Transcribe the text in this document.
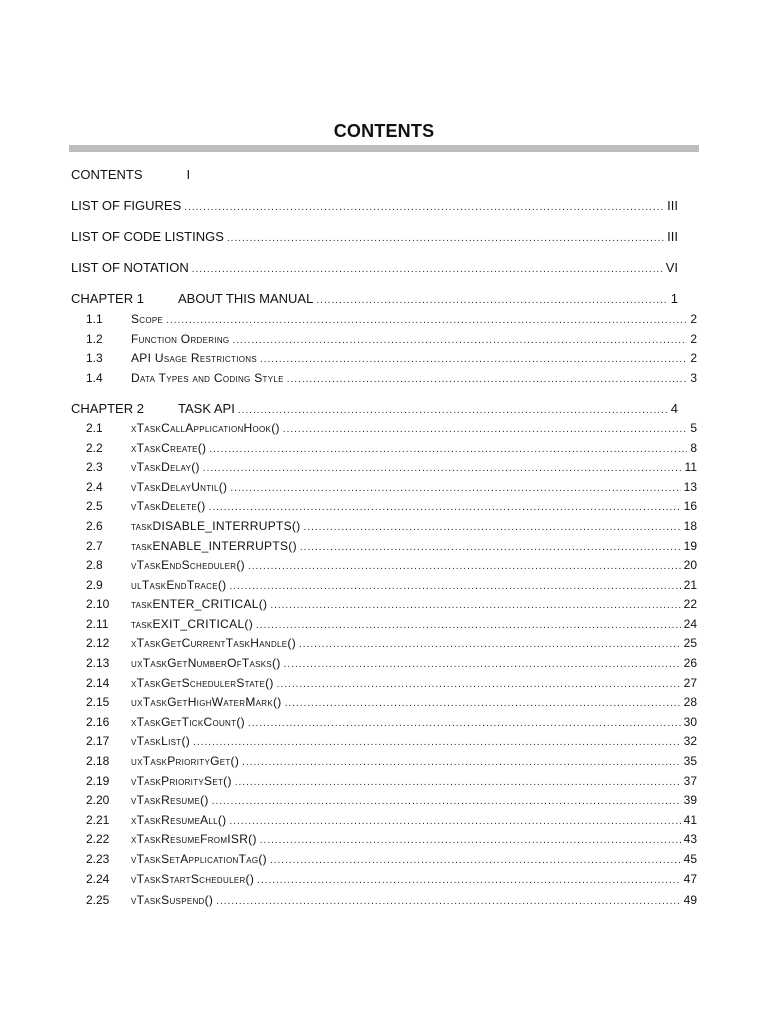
CONTENTS
CONTENTS	I
LIST OF FIGURES .....	III
LIST OF CODE LISTINGS .....	III
LIST OF NOTATION .....	VI
CHAPTER 1	ABOUT THIS MANUAL .....	1
1.1	Scope .....	2
1.2	Function Ordering .....	2
1.3	API Usage Restrictions .....	2
1.4	Data Types and Coding Style .....	3
CHAPTER 2	TASK API .....	4
2.1	xTaskCallApplicationHook() .....	5
2.2	xTaskCreate() .....	8
2.3	vTaskDelay() .....	11
2.4	vTaskDelayUntil() .....	13
2.5	vTaskDelete() .....	16
2.6	taskDISABLE_INTERRUPTS() .....	18
2.7	taskENABLE_INTERRUPTS() .....	19
2.8	vTaskEndScheduler() .....	20
2.9	ulTaskEndTrace() .....	21
2.10	taskENTER_CRITICAL() .....	22
2.11	taskEXIT_CRITICAL() .....	24
2.12	xTaskGetCurrentTaskHandle() .....	25
2.13	uxTaskGetNumberOfTasks() .....	26
2.14	xTaskGetSchedulerState() .....	27
2.15	uxTaskGetHighWaterMark() .....	28
2.16	xTaskGetTickCount() .....	30
2.17	vTaskList() .....	32
2.18	uxTaskPriorityGet() .....	35
2.19	vTaskPrioritySet() .....	37
2.20	vTaskResume() .....	39
2.21	xTaskResumeAll() .....	41
2.22	xTaskResumeFromISR() .....	43
2.23	vTaskSetApplicationTag() .....	45
2.24	vTaskStartScheduler() .....	47
2.25	vTaskSuspend() .....	49
